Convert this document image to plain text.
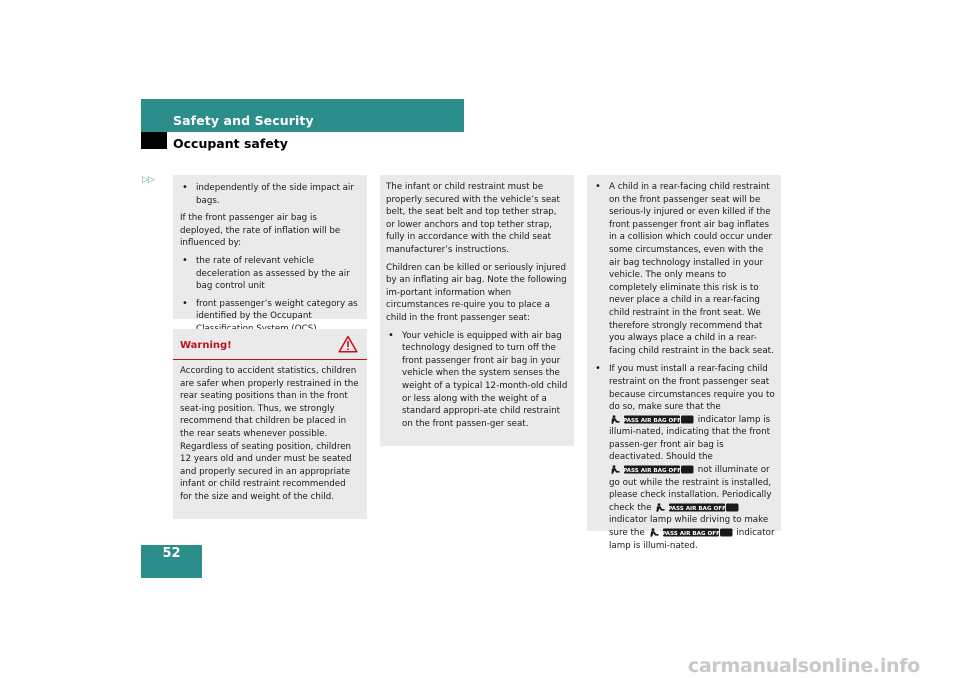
Safety and Security
Occupant safety
▷▷
• independently of the side impact air bags.

If the front passenger air bag is deployed, the rate of inflation will be influenced by:

• the rate of relevant vehicle deceleration as assessed by the air bag control unit
• front passenger’s weight category as identified by the Occupant
Warning!
According to accident statistics, children are safer when properly restrained in the rear seating positions than in the front seat-ing position. Thus, we strongly recommend that children be placed in the rear seats whenever possible. Regardless of seating position, children 12 years old and under must be seated and properly secured in an appropriate infant or child restraint recommended for the size and weight of the child.

The infant or child restraint must be properly secured with the vehicle’s seat belt, the seat belt and top tether strap, or lower anchors and top tether strap, fully in accordance with the child seat manufacturer’s instructions.

Children can be killed or seriously injured by an inflating air bag. Note the following im-portant information when circumstances re-quire you to place a child in the front passenger seat:

• Your vehicle is equipped with air bag technology designed to turn off the front passenger front air bag in your vehicle when the system senses the weight of a typical 12-month-old child or less along with the weight of a standard appropri-ate child restraint on the front passen-ger seat.
• A child in a rear-facing child restraint on the front passenger seat will be serious-ly injured or even killed if the front passenger front air bag inflates in a collision which could occur under some circumstances, even with the air bag technology installed in your vehicle. The only means to completely eliminate this risk is to never place a child in a rear-facing child restraint in the front seat. We therefore strongly recommend that you always place a child in a rear-facing child restraint in the back seat.
• If you must install a rear-facing child restraint on the front passenger seat because circumstances require you to do so, make sure that the
PASS AIR BAG OFF indicator lamp is illumi-nated, indicating that the front passen-ger front air bag is deactivated. Should the
PASS AIR BAG OFF not illuminate or go out while the restraint is installed, please check installation. Periodically check the	PASS AIR BAG OFF
indicator lamp while driving to make sure the	PASS AIR BAG OFF indicator lamp is illumi-nated.
52
carmanualsonline.info
